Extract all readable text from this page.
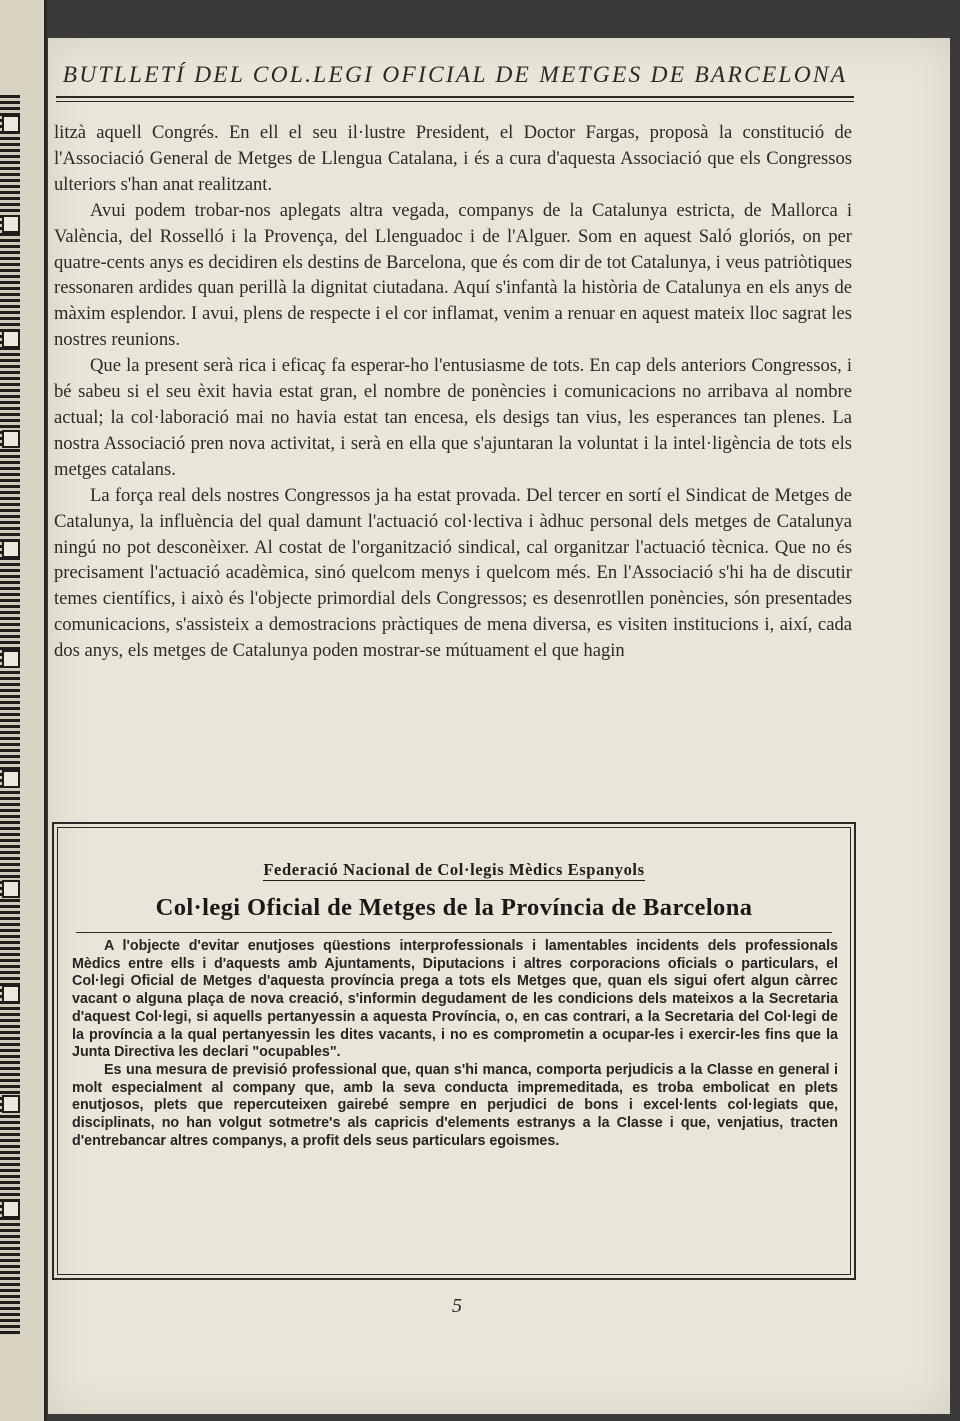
BUTLLETÍ DEL COL.LEGI OFICIAL DE METGES DE BARCELONA

litzà aquell Congrés. En ell el seu il·lustre President, el Doctor Fargas, proposà la constitució de l'Associació General de Metges de Llengua Catalana, i és a cura d'aquesta Associació que els Congressos ulteriors s'han anat realitzant.

Avui podem trobar-nos aplegats altra vegada, companys de la Catalunya estricta, de Mallorca i València, del Rosselló i la Provença, del Llenguadoc i de l'Alguer. Som en aquest Saló gloriós, on per quatre-cents anys es decidiren els destins de Barcelona, que és com dir de tot Catalunya, i veus patriòtiques ressonaren ardides quan perillà la dignitat ciutadana. Aquí s'infantà la història de Catalunya en els anys de màxim esplendor. I avui, plens de respecte i el cor inflamat, venim a renuar en aquest mateix lloc sagrat les nostres reunions.

Que la present serà rica i eficaç fa esperar-ho l'entusiasme de tots. En cap dels anteriors Congressos, i bé sabeu si el seu èxit havia estat gran, el nombre de ponències i comunicacions no arribava al nombre actual; la col·laboració mai no havia estat tan encesa, els desigs tan vius, les esperances tan plenes. La nostra Associació pren nova activitat, i serà en ella que s'ajuntaran la voluntat i la intel·ligència de tots els metges catalans.

La força real dels nostres Congressos ja ha estat provada. Del tercer en sortí el Sindicat de Metges de Catalunya, la influència del qual damunt l'actuació col·lectiva i àdhuc personal dels metges de Catalunya ningú no pot desconèixer. Al costat de l'organització sindical, cal organitzar l'actuació tècnica. Que no és precisament l'actuació acadèmica, sinó quelcom menys i quelcom més. En l'Associació s'hi ha de discutir temes científics, i això és l'objecte primordial dels Congressos; es desenrotllen ponències, són presentades comunicacions, s'assisteix a demostracions pràctiques de mena diversa, es visiten institucions i, així, cada dos anys, els metges de Catalunya poden mostrar-se mútuament el que hagin

Federació Nacional de Col·legis Mèdics Espanyols
Col·legi Oficial de Metges de la Província de Barcelona

A l'objecte d'evitar enutjoses qüestions interprofessionals i lamentables incidents dels professionals Mèdics entre ells i d'aquests amb Ajuntaments, Diputacions i altres corporacions oficials o particulars, el Col·legi Oficial de Metges d'aquesta província prega a tots els Metges que, quan els sigui ofert algun càrrec vacant o alguna plaça de nova creació, s'informin degudament de les condicions dels mateixos a la Secretaria d'aquest Col·legi, si aquells pertanyessin a aquesta Província, o, en cas contrari, a la Secretaria del Col·legi de la província a la qual pertanyessin les dites vacants, i no es comprometin a ocupar-les i exercir-les fins que la Junta Directiva les declari "ocupables".

Es una mesura de previsió professional que, quan s'hi manca, comporta perjudicis a la Classe en general i molt especialment al company que, amb la seva conducta impremeditada, es troba embolicat en plets enutjosos, plets que repercuteixen gairebé sempre en perjudici de bons i excel·lents col·legiats que, disciplinats, no han volgut sotmetre's als capricis d'elements estranys a la Classe i que, venjatius, tracten d'entrebancar altres companys, a profit dels seus particulars egoismes.

5
